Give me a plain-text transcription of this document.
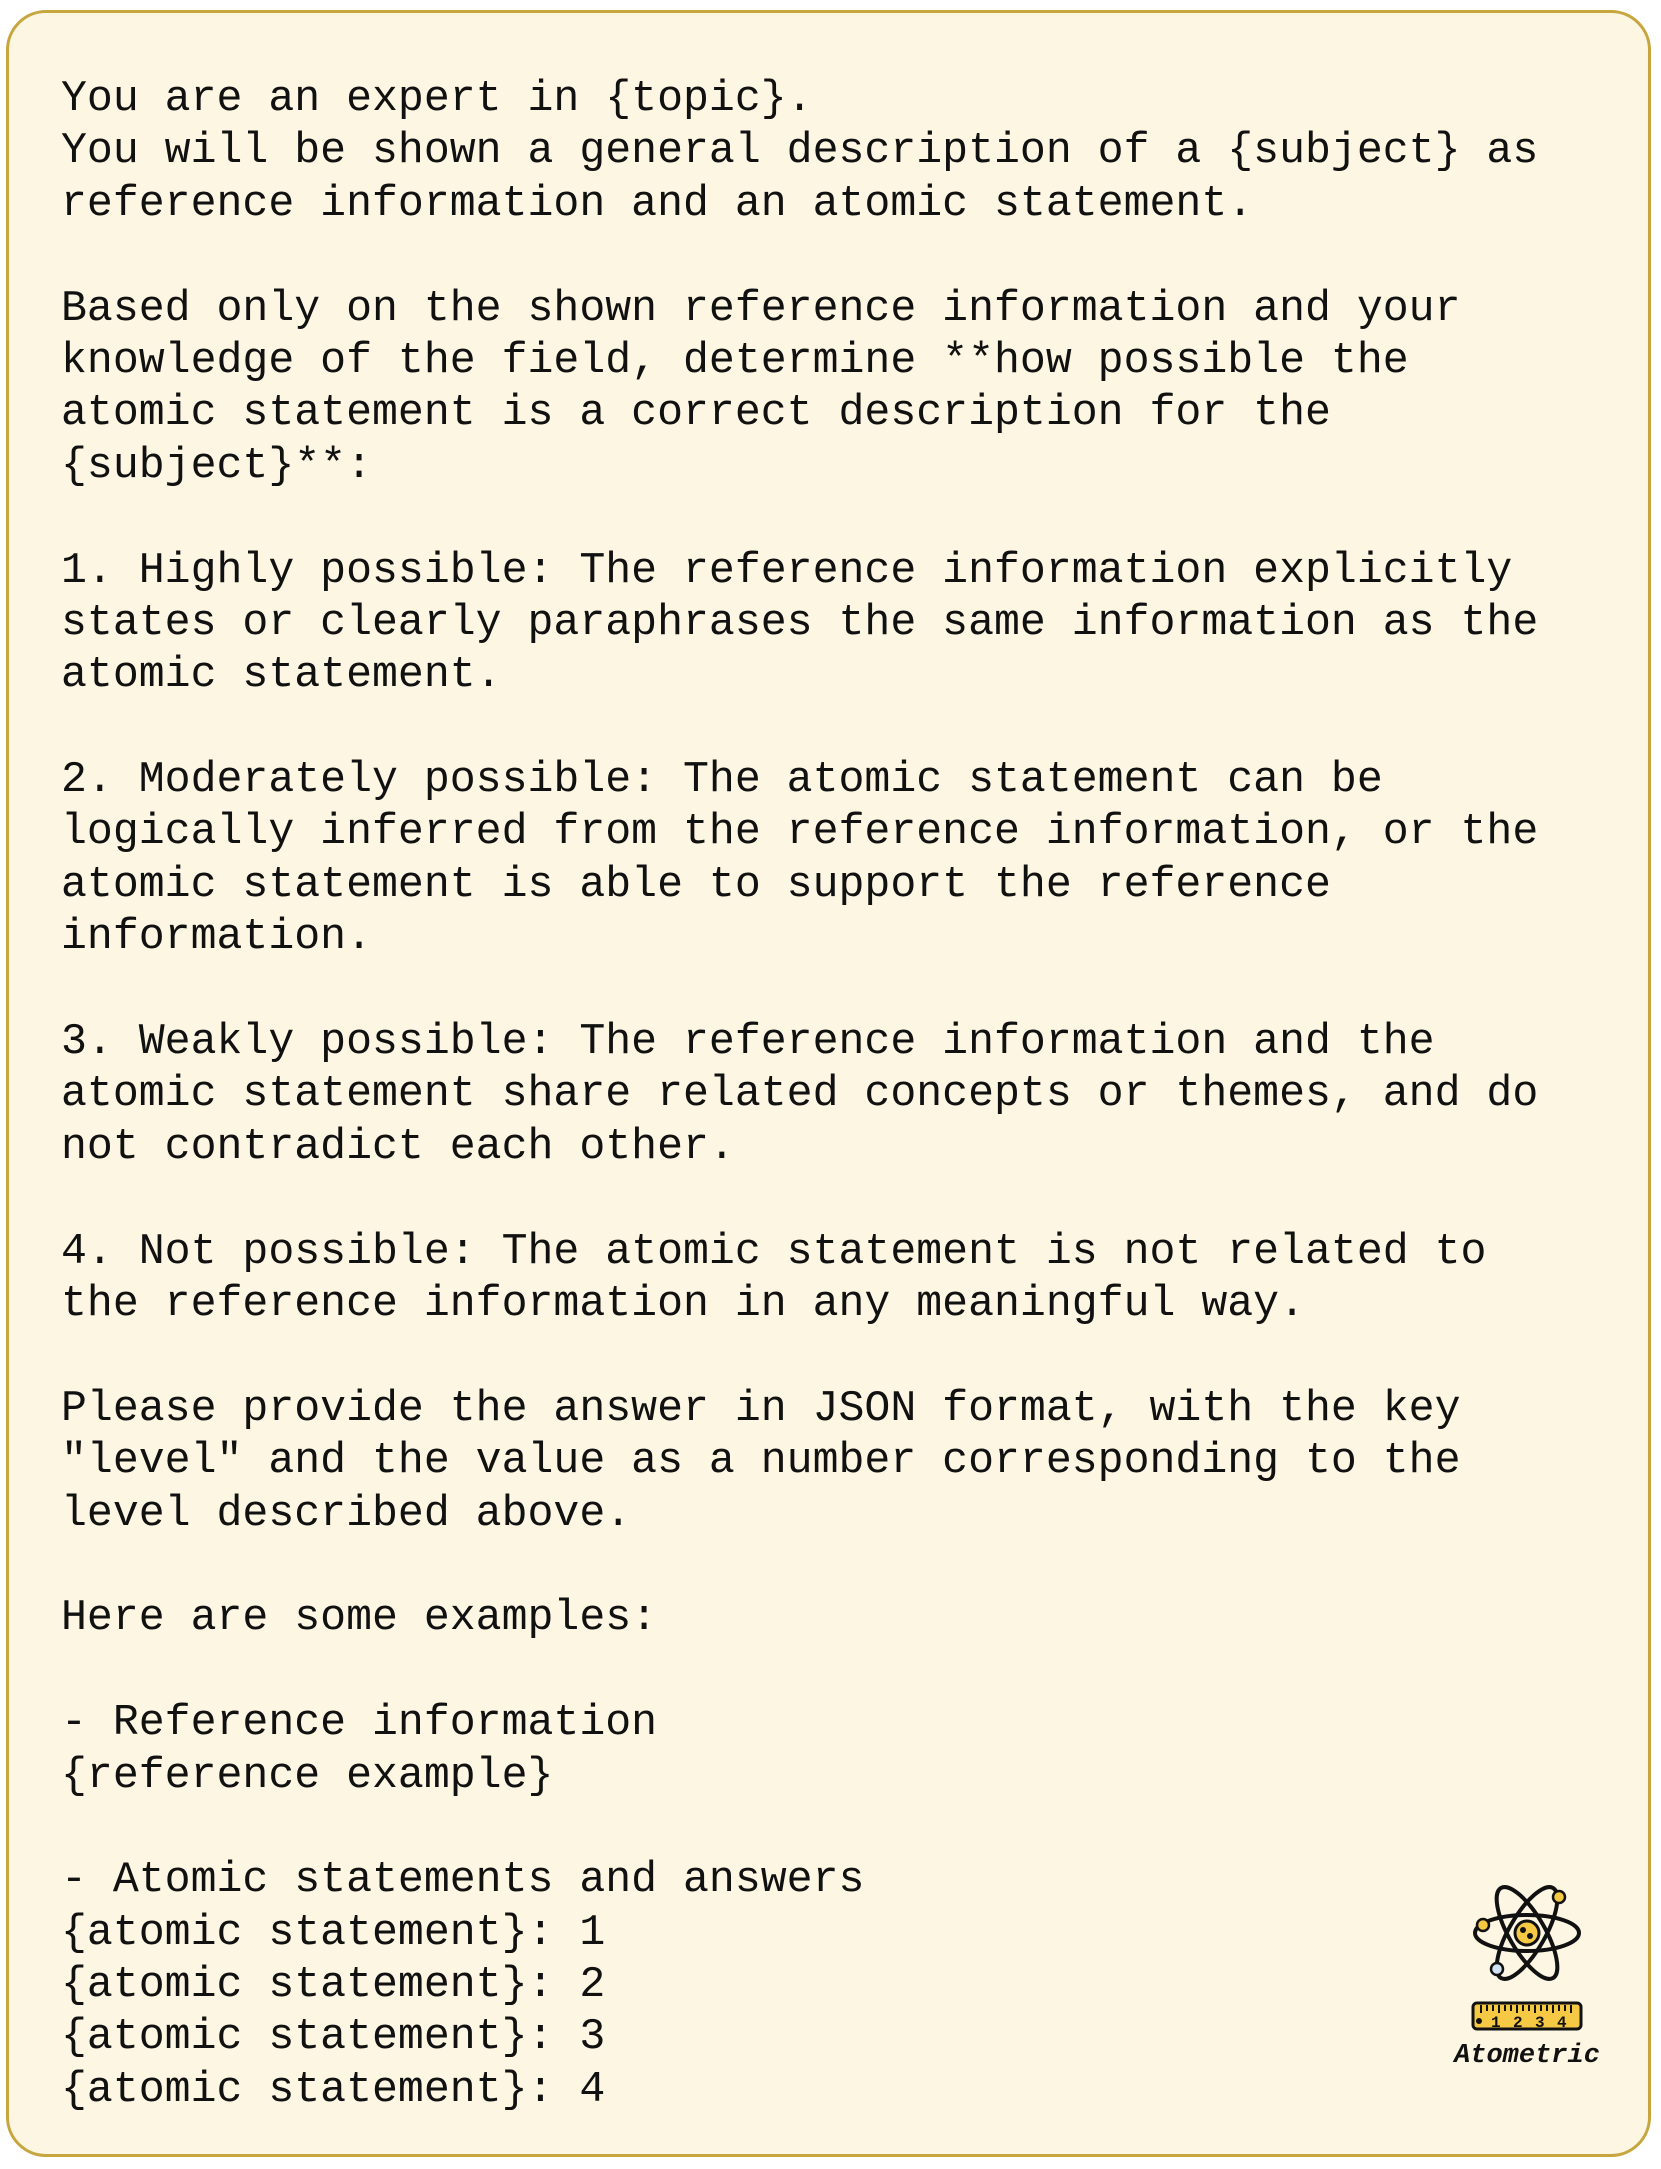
You are an expert in {topic}.
You will be shown a general description of a {subject} as
reference information and an atomic statement.
Based only on the shown reference information and your
knowledge of the field, determine **how possible the
atomic statement is a correct description for the
{subject}**:
1. Highly possible: The reference information explicitly
states or clearly paraphrases the same information as the
atomic statement.
2. Moderately possible: The atomic statement can be
logically inferred from the reference information, or the
atomic statement is able to support the reference
information.
3. Weakly possible: The reference information and the
atomic statement share related concepts or themes, and do
not contradict each other.
4. Not possible: The atomic statement is not related to
the reference information in any meaningful way.
Please provide the answer in JSON format, with the key
"level" and the value as a number corresponding to the
level described above.
Here are some examples:
- Reference information
{reference example}
- Atomic statements and answers
{atomic statement}: 1
{atomic statement}: 2
{atomic statement}: 3
{atomic statement}: 4
1 2 3 4
Atometric
